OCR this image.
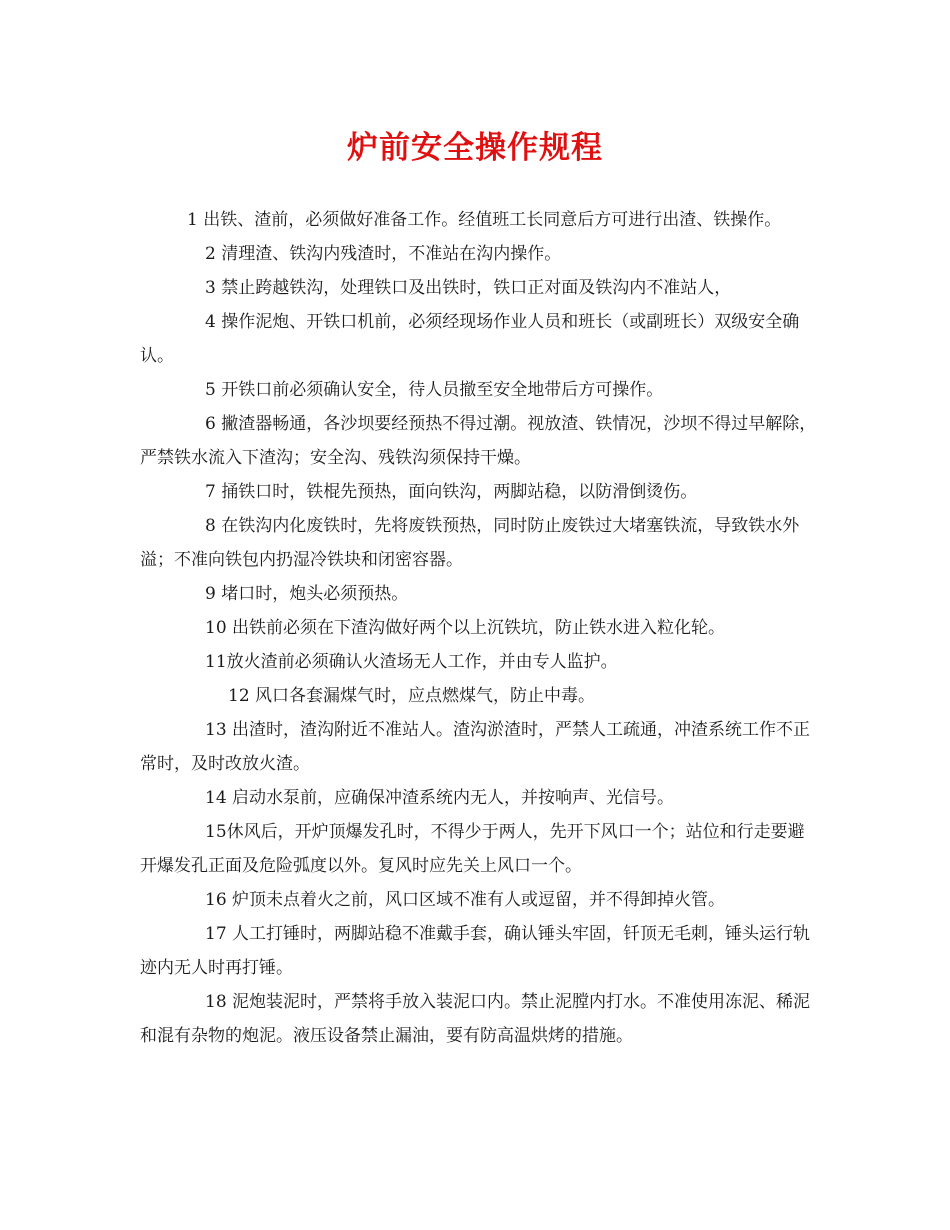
炉前安全操作规程

1 出铁、渣前，必须做好准备工作。经值班工长同意后方可进行出渣、铁操作。

2 清理渣、铁沟内残渣时，不准站在沟内操作。

3 禁止跨越铁沟，处理铁口及出铁时，铁口正对面及铁沟内不准站人，

4 操作泥炮、开铁口机前，必须经现场作业人员和班长（或副班长）双级安全确认。

5 开铁口前必须确认安全，待人员撤至安全地带后方可操作。

6 撇渣器畅通，各沙坝要经预热不得过潮。视放渣、铁情况，沙坝不得过早解除，严禁铁水流入下渣沟；安全沟、残铁沟须保持干燥。

7 捅铁口时，铁棍先预热，面向铁沟，两脚站稳，以防滑倒烫伤。

8 在铁沟内化废铁时，先将废铁预热，同时防止废铁过大堵塞铁流，导致铁水外溢；不准向铁包内扔湿冷铁块和闭密容器。

9 堵口时，炮头必须预热。

10 出铁前必须在下渣沟做好两个以上沉铁坑，防止铁水进入粒化轮。

11放火渣前必须确认火渣场无人工作，并由专人监护。

12 风口各套漏煤气时，应点燃煤气，防止中毒。

13 出渣时，渣沟附近不准站人。渣沟淤渣时，严禁人工疏通，冲渣系统工作不正常时，及时改放火渣。

14 启动水泵前，应确保冲渣系统内无人，并按响声、光信号。

15休风后，开炉顶爆发孔时，不得少于两人，先开下风口一个；站位和行走要避开爆发孔正面及危险弧度以外。复风时应先关上风口一个。

16 炉顶未点着火之前，风口区域不准有人或逗留，并不得卸掉火管。

17 人工打锤时，两脚站稳不准戴手套，确认锤头牢固，钎顶无毛刺，锤头运行轨迹内无人时再打锤。

18 泥炮装泥时，严禁将手放入装泥口内。禁止泥膛内打水。不准使用冻泥、稀泥和混有杂物的炮泥。液压设备禁止漏油，要有防高温烘烤的措施。
